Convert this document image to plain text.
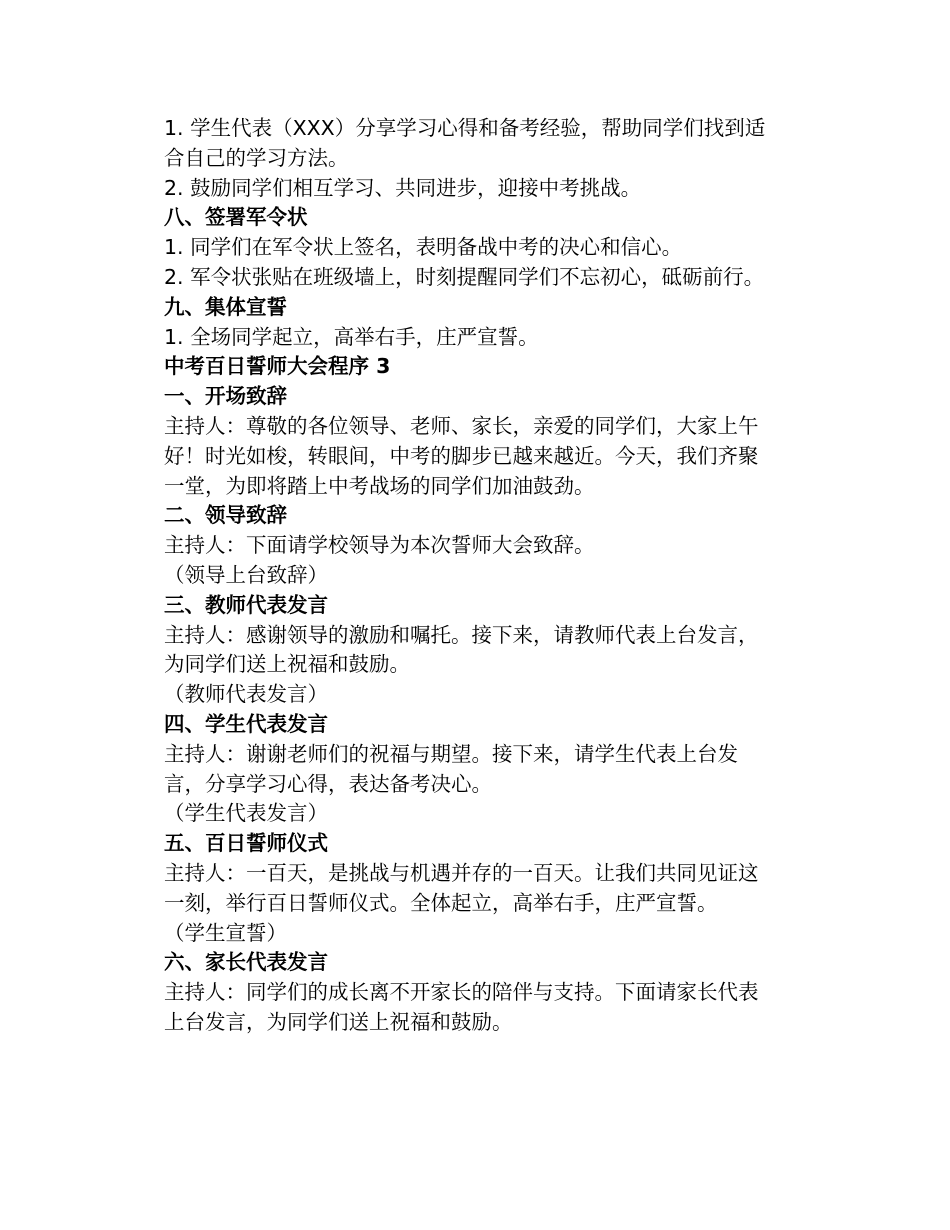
1. 学生代表（XXX）分享学习心得和备考经验，帮助同学们找到适合自己的学习方法。

2. 鼓励同学们相互学习、共同进步，迎接中考挑战。

八、签署军令状

1. 同学们在军令状上签名，表明备战中考的决心和信心。

2. 军令状张贴在班级墙上，时刻提醒同学们不忘初心，砥砺前行。

九、集体宣誓

1. 全场同学起立，高举右手，庄严宣誓。

中考百日誓师大会程序 3

一、开场致辞

主持人：尊敬的各位领导、老师、家长，亲爱的同学们，大家上午好！时光如梭，转眼间，中考的脚步已越来越近。今天，我们齐聚一堂，为即将踏上中考战场的同学们加油鼓劲。

二、领导致辞

主持人：下面请学校领导为本次誓师大会致辞。

（领导上台致辞）

三、教师代表发言

主持人：感谢领导的激励和嘱托。接下来，请教师代表上台发言，为同学们送上祝福和鼓励。

（教师代表发言）

四、学生代表发言

主持人：谢谢老师们的祝福与期望。接下来，请学生代表上台发言，分享学习心得，表达备考决心。

（学生代表发言）

五、百日誓师仪式

主持人：一百天，是挑战与机遇并存的一百天。让我们共同见证这一刻，举行百日誓师仪式。全体起立，高举右手，庄严宣誓。

（学生宣誓）

六、家长代表发言

主持人：同学们的成长离不开家长的陪伴与支持。下面请家长代表上台发言，为同学们送上祝福和鼓励。
